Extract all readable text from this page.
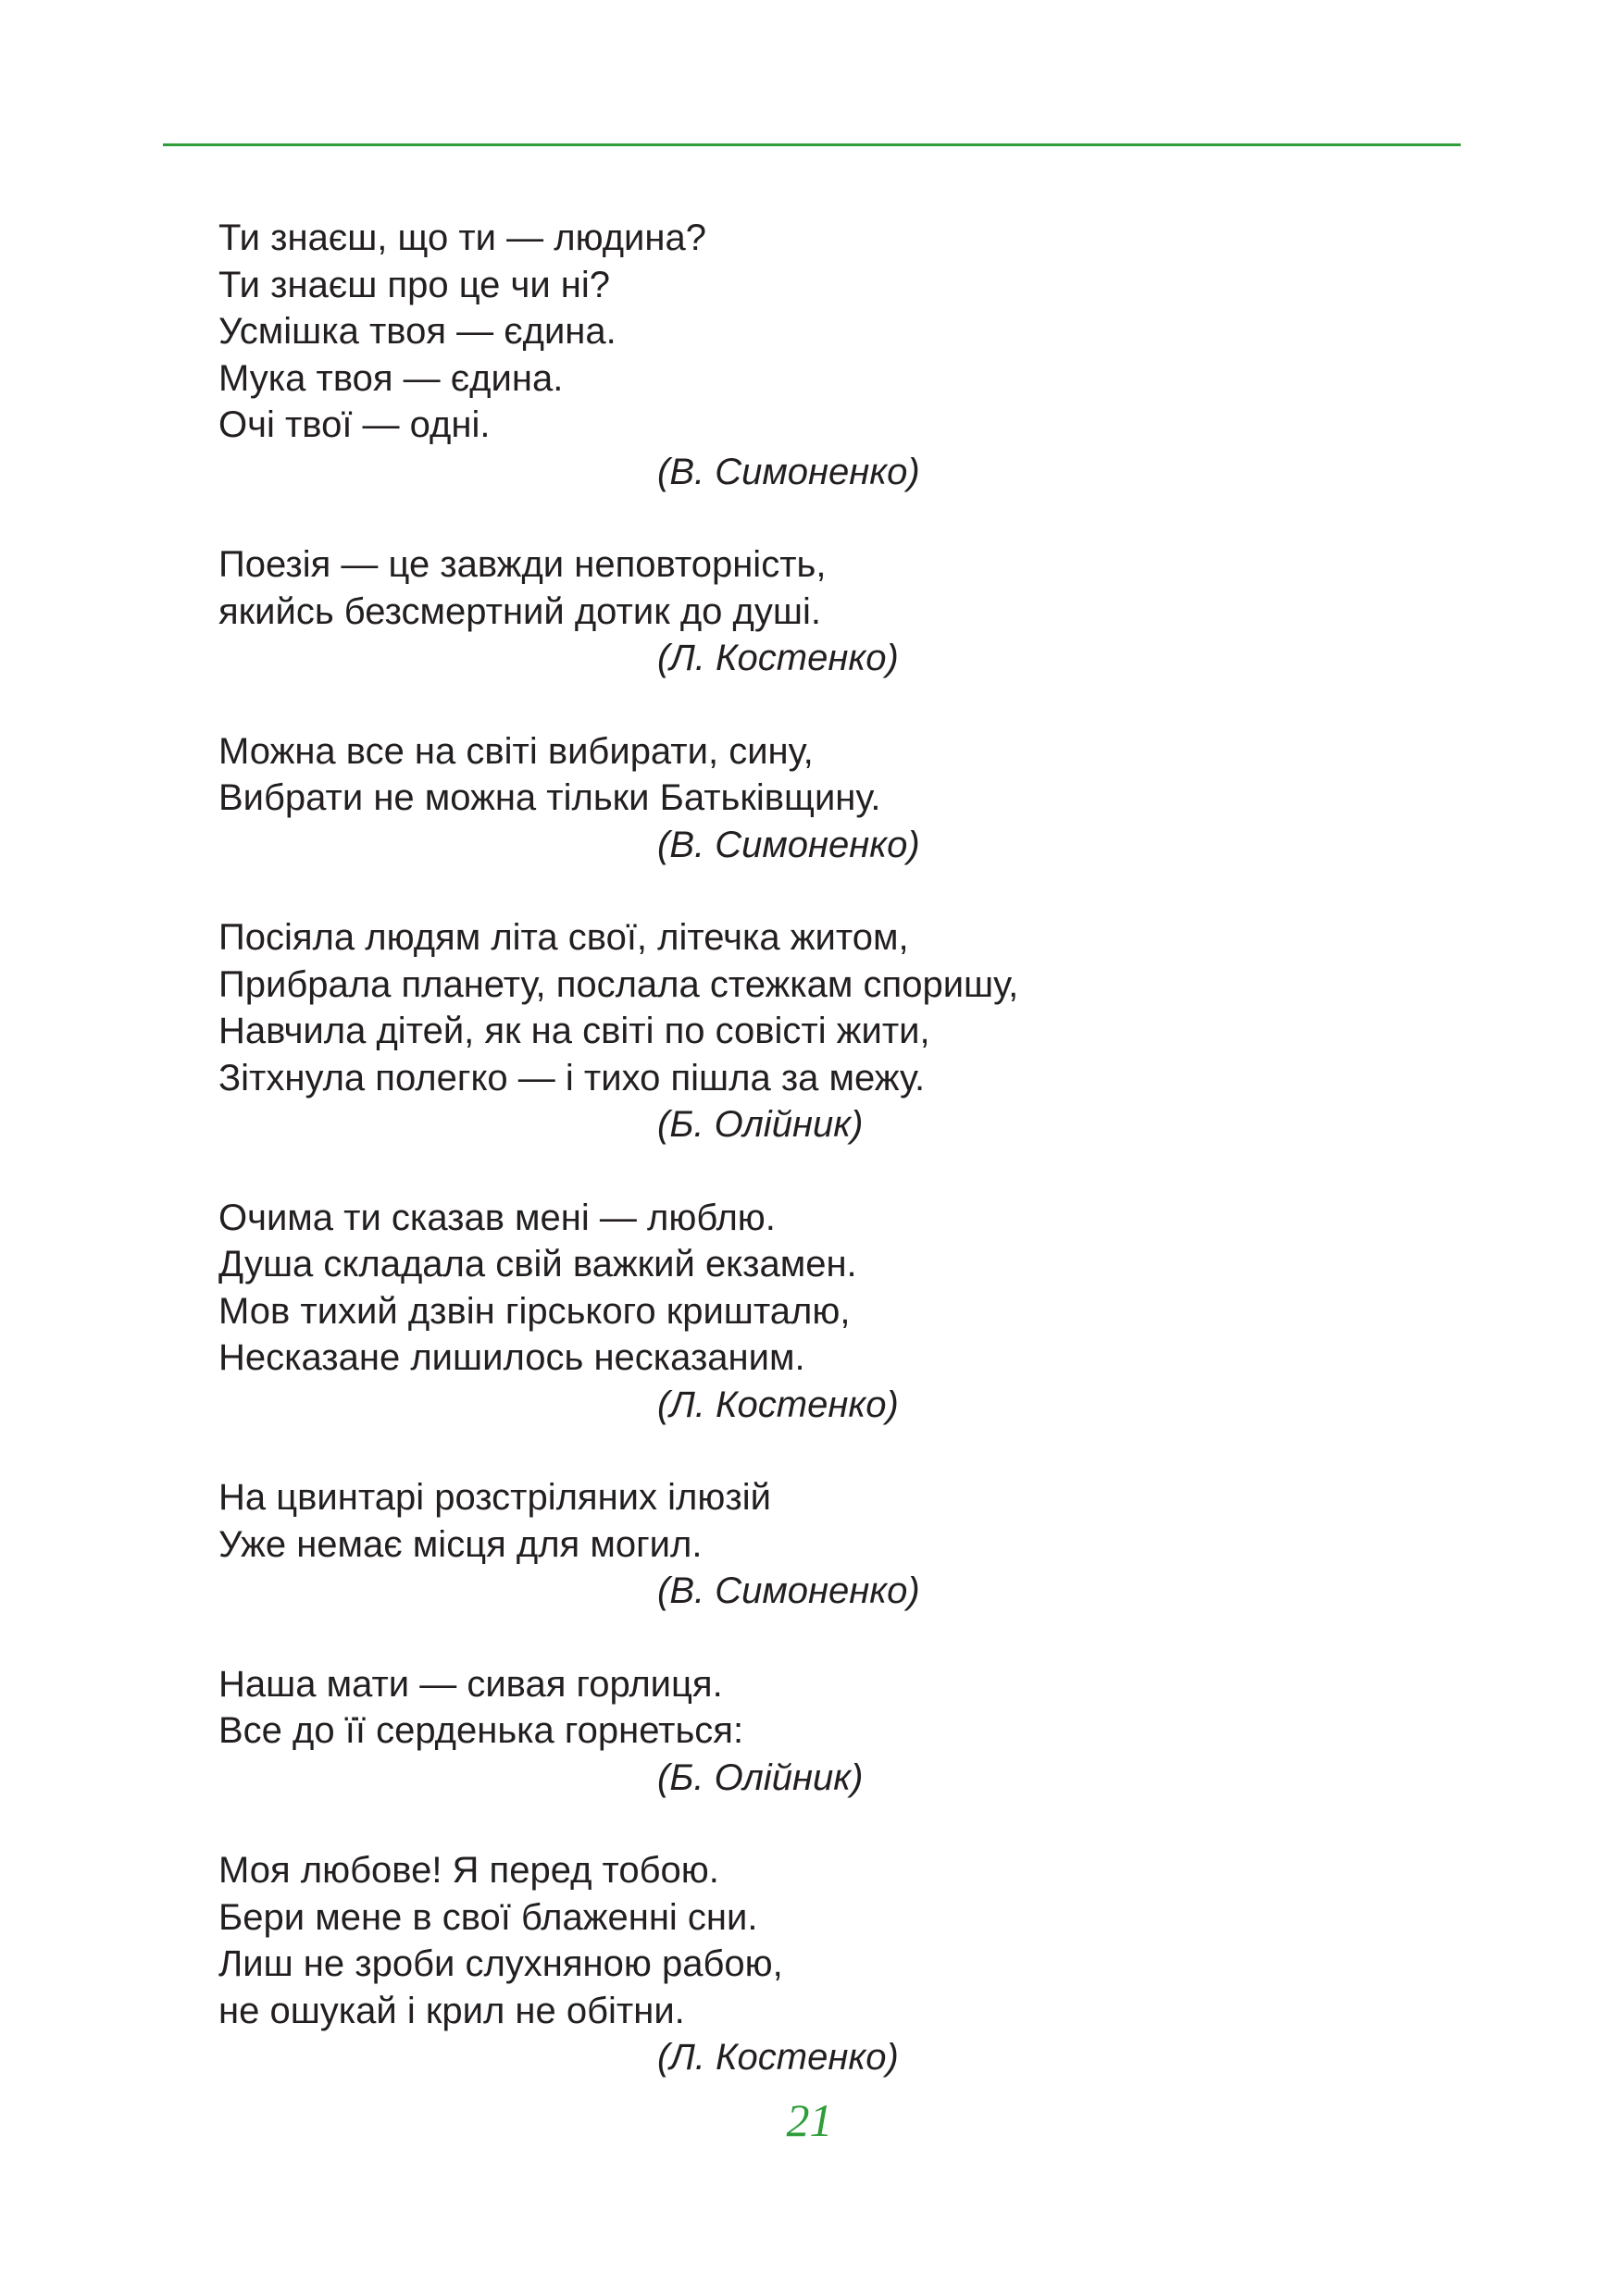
Ти знаєш, що ти — людина?
Ти знаєш про це чи ні?
Усмішка твоя — єдина.
Мука твоя — єдина.
Очі твої — одні.
(В. Симоненко)
Поезія — це завжди неповторність,
якийсь безсмертний дотик до душі.
(Л. Костенко)
Можна все на світі вибирати, сину,
Вибрати не можна тільки Батьківщину.
(В. Симоненко)
Посіяла людям літа свої, літечка житом,
Прибрала планету, послала стежкам споришу,
Навчила дітей, як на світі по совісті жити,
Зітхнула полегко — і тихо пішла за межу.
(Б. Олійник)
Очима ти сказав мені — люблю.
Душа складала свій важкий екзамен.
Мов тихий дзвін гірського кришталю,
Несказане лишилось несказаним.
(Л. Костенко)
На цвинтарі розстріляних ілюзій
Уже немає місця для могил.
(В. Симоненко)
Наша мати — сивая горлиця.
Все до її серденька горнеться:
(Б. Олійник)
Моя любове! Я перед тобою.
Бери мене в свої блаженні сни.
Лиш не зроби слухняною рабою,
не ошукай і крил не обітни.
(Л. Костенко)
21
